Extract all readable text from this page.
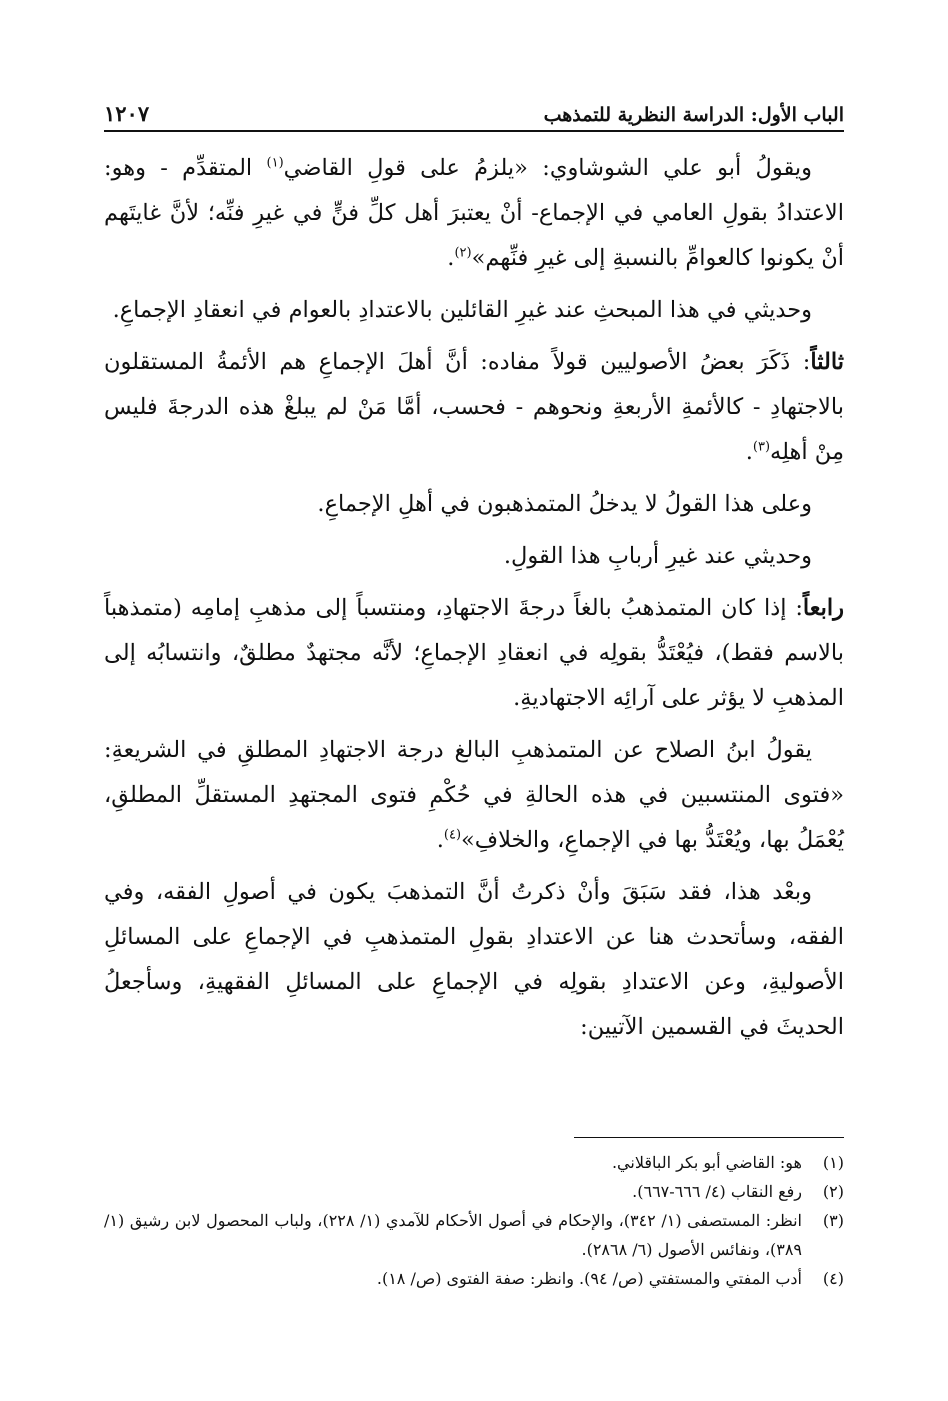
الباب الأول: الدراسة النظرية للتمذهب
١٢٠٧

ويقولُ أبو علي الشوشاوي: «يلزمُ على قولِ القاضي$^{(١)}$ المتقدِّم - وهو: الاعتدادُ بقولِ العامي في الإجماع- أنْ يعتبرَ أهل كلِّ فنٍّ في غيرِ فنِّه؛ لأنَّ غايتَهم أنْ يكونوا كالعوامِّ بالنسبةِ إلى غيرِ فنِّهم»$^{(٢)}$.

وحديثي في هذا المبحثِ عند غيرِ القائلين بالاعتدادِ بالعوام في انعقادِ الإجماعِ.

ثالثاً: ذَكَرَ بعضُ الأصوليين قولاً مفاده: أنَّ أهلَ الإجماعِ هم الأئمةُ المستقلون بالاجتهادِ - كالأئمةِ الأربعةِ ونحوهم - فحسب، أمَّا مَنْ لم يبلغْ هذه الدرجةَ فليس مِنْ أهلِه$^{(٣)}$.

وعلى هذا القولُ لا يدخلُ المتمذهبون في أهلِ الإجماعِ.

وحديثي عند غيرِ أربابِ هذا القولِ.

رابعاً: إذا كان المتمذهبُ بالغاً درجةَ الاجتهادِ، ومنتسباً إلى مذهبِ إمامِه (متمذهباً بالاسم فقط)، فيُعْتَدُّ بقولِه في انعقادِ الإجماعِ؛ لأنَّه مجتهدٌ مطلقٌ، وانتسابُه إلى المذهبِ لا يؤثر على آرائِه الاجتهاديةِ.

يقولُ ابنُ الصلاح عن المتمذهبِ البالغ درجة الاجتهادِ المطلقِ في الشريعةِ: «فتوى المنتسبين في هذه الحالةِ في حُكْمِ فتوى المجتهدِ المستقلِّ المطلقِ، يُعْمَلُ بها، ويُعْتَدُّ بها في الإجماعِ، والخلافِ»$^{(٤)}$.

وبعْد هذا، فقد سَبَقَ وأنْ ذكرتُ أنَّ التمذهبَ يكون في أصولِ الفقه، وفي الفقه، وسأتحدث هنا عن الاعتدادِ بقولِ المتمذهبِ في الإجماعِ على المسائلِ الأصوليةِ، وعن الاعتدادِ بقولِه في الإجماعِ على المسائلِ الفقهيةِ، وسأجعلُ الحديثَ في القسمين الآتيين:

(١)
هو: القاضي أبو بكر الباقلاني.
(٢)
رفع النقاب (٤/ ٦٦٦-٦٦٧).
(٣)
انظر: المستصفى (١/ ٣٤٢)، والإحكام في أصول الأحكام للآمدي (١/ ٢٢٨)، ولباب المحصول لابن رشيق (١/ ٣٨٩)، ونفائس الأصول (٦/ ٢٨٦٨).
(٤)
أدب المفتي والمستفتي (ص/ ٩٤). وانظر: صفة الفتوى (ص/ ١٨).
